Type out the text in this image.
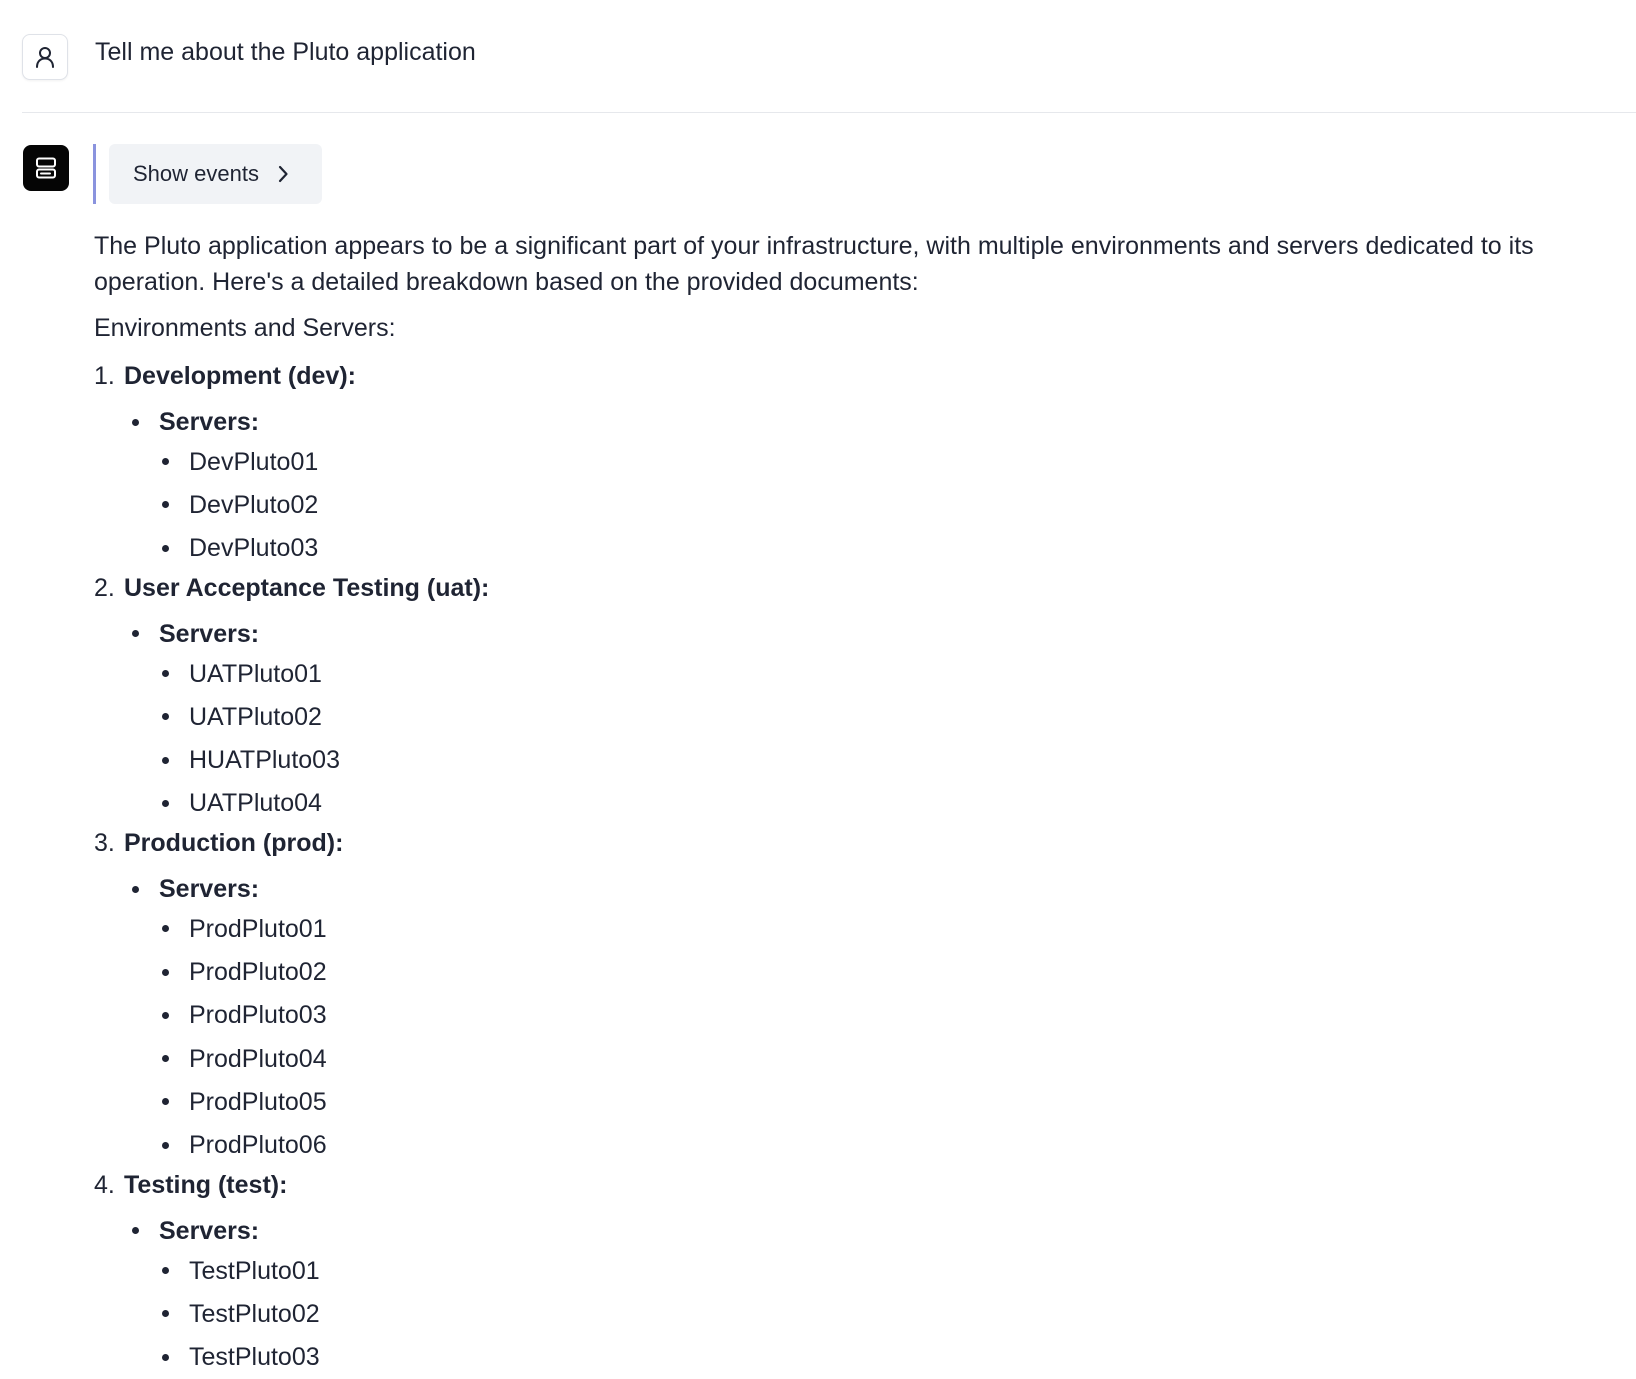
Tell me about the Pluto application
Show events

The Pluto application appears to be a significant part of your infrastructure, with multiple environments and servers dedicated to its operation. Here's a detailed breakdown based on the provided documents:

Environments and Servers:

1. Development (dev):
Servers:
DevPluto01
DevPluto02
DevPluto03
2. User Acceptance Testing (uat):
Servers:
UATPluto01
UATPluto02
HUATPluto03
UATPluto04
3. Production (prod):
Servers:
ProdPluto01
ProdPluto02
ProdPluto03
ProdPluto04
ProdPluto05
ProdPluto06
4. Testing (test):
Servers:
TestPluto01
TestPluto02
TestPluto03
